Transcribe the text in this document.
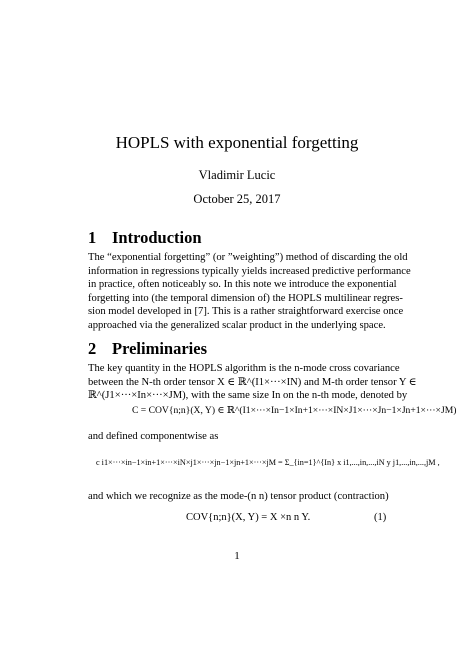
HOPLS with exponential forgetting
Vladimir Lucic
October 25, 2017
1 Introduction
The “exponential forgetting” (or ”weighting”) method of discarding the old
information in regressions typically yields increased predictive performance
in practice, often noticeably so. In this note we introduce the exponential
forgetting into (the temporal dimension of) the HOPLS multilinear regres-
sion model developed in [7]. This is a rather straightforward exercise once
approached via the generalized scalar product in the underlying space.
2 Preliminaries
The key quantity in the HOPLS algorithm is the n-mode cross covariance
between the N-th order tensor X ∈ ℝ^(I1×···×IN) and M-th order tensor Y ∈
ℝ^(J1×···×In×···×JM), with the same size In on the n-th mode, denoted by
C = COV{n;n}(X, Y) ∈ ℝ^(I1×···×In−1×In+1×···×IN×J1×···×Jn−1×Jn+1×···×JM)
and defined componentwise as
c i1×···×in−1×in+1×···×iN×j1×···×jn−1×jn+1×···×jM = Σ_{in=1}^{In} x i1,...,in,...,iN y j1,...,in,...,jM ,
and which we recognize as the mode-(n n) tensor product (contraction)
COV{n;n}(X, Y) = X ×n n Y.	(1)
1
